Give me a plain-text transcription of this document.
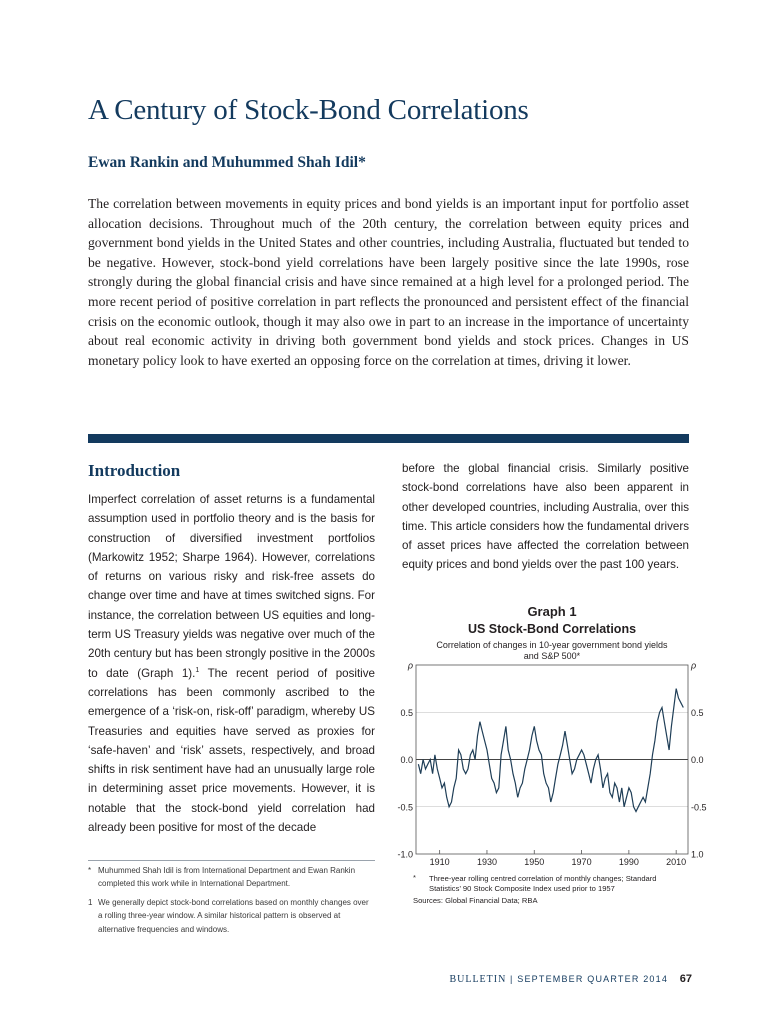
A Century of Stock-Bond Correlations
Ewan Rankin and Muhummed Shah Idil*
The correlation between movements in equity prices and bond yields is an important input for portfolio asset allocation decisions. Throughout much of the 20th century, the correlation between equity prices and government bond yields in the United States and other countries, including Australia, fluctuated but tended to be negative. However, stock-bond yield correlations have been largely positive since the late 1990s, rose strongly during the global financial crisis and have since remained at a high level for a prolonged period. The more recent period of positive correlation in part reflects the pronounced and persistent effect of the financial crisis on the economic outlook, though it may also owe in part to an increase in the importance of uncertainty about real economic activity in driving both government bond yields and stock prices. Changes in US monetary policy look to have exerted an opposing force on the correlation at times, driving it lower.
Introduction
Imperfect correlation of asset returns is a fundamental assumption used in portfolio theory and is the basis for construction of diversified investment portfolios (Markowitz 1952; Sharpe 1964). However, correlations of returns on various risky and risk-free assets do change over time and have at times switched signs. For instance, the correlation between US equities and long-term US Treasury yields was negative over much of the 20th century but has been strongly positive in the 2000s to date (Graph 1).$^1$ The recent period of positive correlations has been commonly ascribed to the emergence of a ‘risk-on, risk-off’ paradigm, whereby US Treasuries and equities have served as proxies for ‘safe-haven’ and ‘risk’ assets, respectively, and broad shifts in risk sentiment have had an unusually large role in determining asset price movements. However, it is notable that the stock-bond yield correlation had already been positive for most of the decade
before the global financial crisis. Similarly positive stock-bond correlations have also been apparent in other developed countries, including Australia, over this time. This article considers how the fundamental drivers of asset prices have affected the correlation between equity prices and bond yields over the past 100 years.
* Muhummed Shah Idil is from International Department and Ewan Rankin completed this work while in International Department.
1 We generally depict stock-bond correlations based on monthly changes over a rolling three-year window. A similar historical pattern is observed at alternative frequencies and windows.
Graph 1
US Stock-Bond Correlations
Correlation of changes in 10-year government bond yields
and S&P 500*
-1.0
-0.5
0.0
0.5
ρ
1.0
-0.5
0.0
0.5
ρ
1910	1930	1950	1970	1990	2010
* Three-year rolling centred correlation of monthly changes; Standard
Statistics’ 90 Stock Composite Index used prior to 1957
Sources: Global Financial Data; RBA
BULLETIN | SEPTEMBER QUARTER 2014 67
